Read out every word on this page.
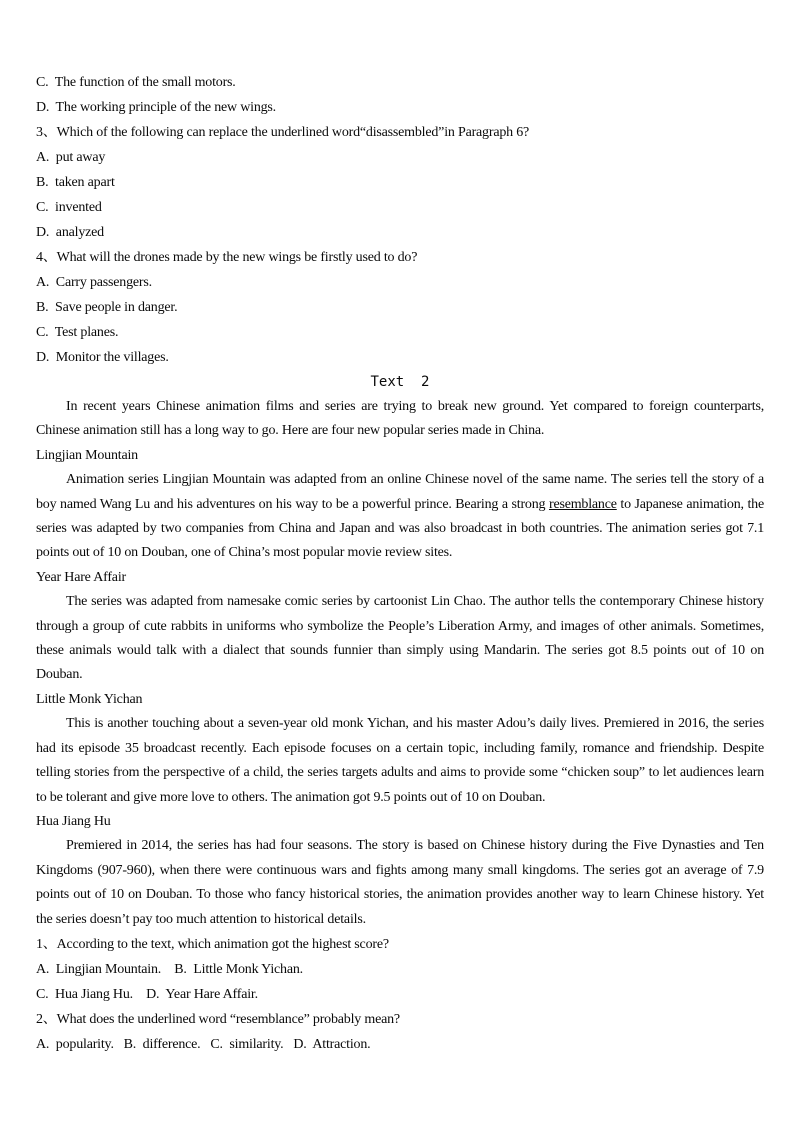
C.  The function of the small motors.
D.  The working principle of the new wings.
3、Which of the following can replace the underlined word“disassembled”in Paragraph 6?
A.  put away
B.  taken apart
C.  invented
D.  analyzed
4、What will the drones made by the new wings be firstly used to do?
A.  Carry passengers.
B.  Save people in danger.
C.  Test planes.
D.  Monitor the villages.
Text  2
In recent years Chinese animation films and series are trying to break new ground. Yet compared to foreign counterparts, Chinese animation still has a long way to go. Here are four new popular series made in China.
Lingjian Mountain
Animation series Lingjian Mountain was adapted from an online Chinese novel of the same name. The series tell the story of a boy named Wang Lu and his adventures on his way to be a powerful prince. Bearing a strong resemblance to Japanese animation, the series was adapted by two companies from China and Japan and was also broadcast in both countries. The animation series got 7.1 points out of 10 on Douban, one of China’s most popular movie review sites.
Year Hare Affair
The series was adapted from namesake comic series by cartoonist Lin Chao. The author tells the contemporary Chinese history through a group of cute rabbits in uniforms who symbolize the People’s Liberation Army, and images of other animals. Sometimes, these animals would talk with a dialect that sounds funnier than simply using Mandarin. The series got 8.5 points out of 10 on Douban.
Little Monk Yichan
This is another touching about a seven-year old monk Yichan, and his master Adou’s daily lives. Premiered in 2016, the series had its episode 35 broadcast recently. Each episode focuses on a certain topic, including family, romance and friendship. Despite telling stories from the perspective of a child, the series targets adults and aims to provide some “chicken soup” to let audiences learn to be tolerant and give more love to others. The animation got 9.5 points out of 10 on Douban.
Hua Jiang Hu
Premiered in 2014, the series has had four seasons. The story is based on Chinese history during the Five Dynasties and Ten Kingdoms (907-960), when there were continuous wars and fights among many small kingdoms. The series got an average of 7.9 points out of 10 on Douban. To those who fancy historical stories, the animation provides another way to learn Chinese history. Yet the series doesn’t pay too much attention to historical details.
1、According to the text, which animation got the highest score?
A.  Lingjian Mountain.    B.  Little Monk Yichan.
C.  Hua Jiang Hu.    D.  Year Hare Affair.
2、What does the underlined word “resemblance” probably mean?
A.  popularity.   B.  difference.   C.  similarity.   D.  Attraction.
